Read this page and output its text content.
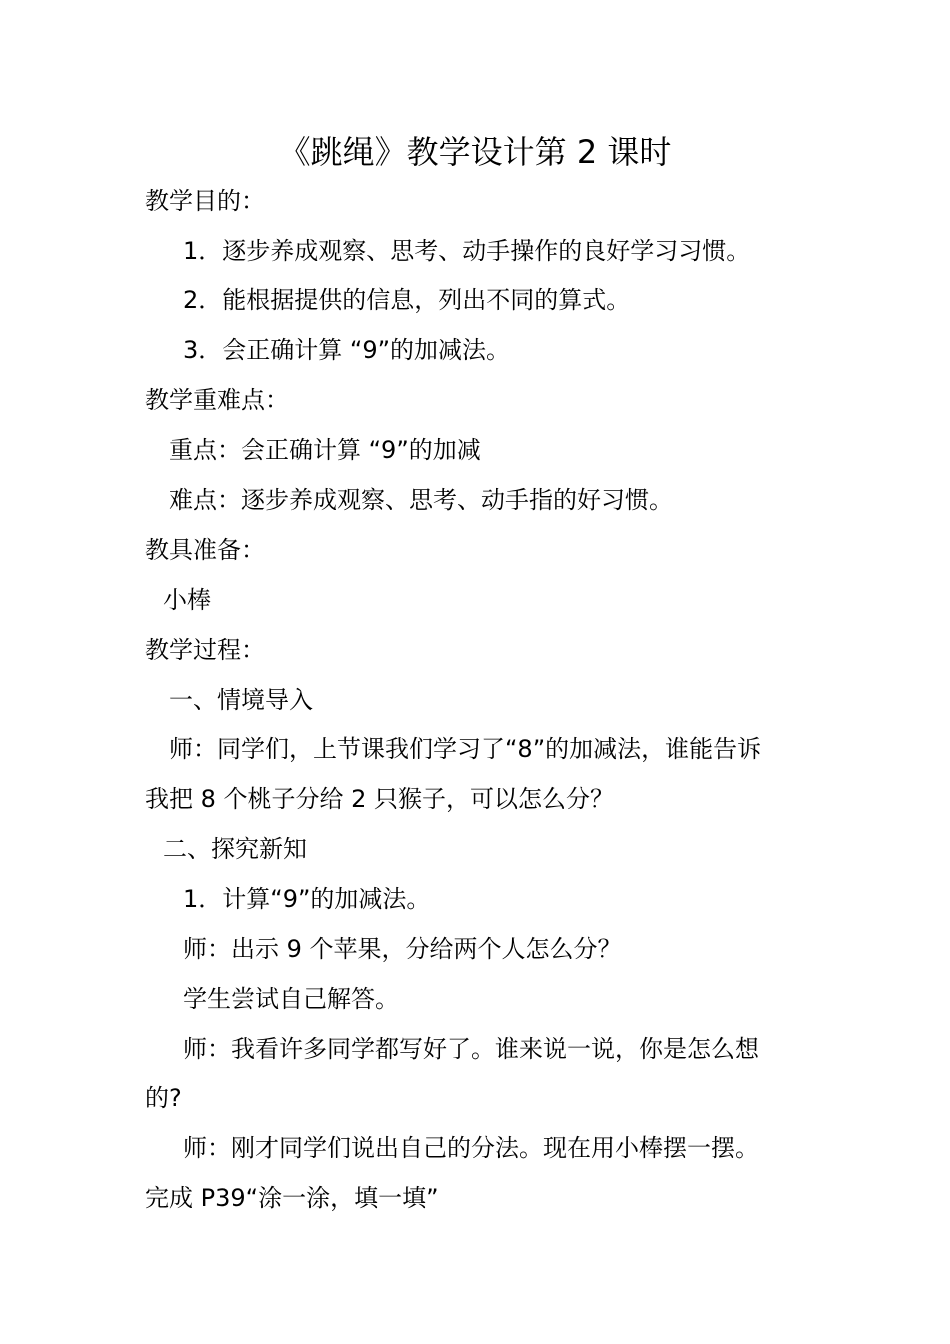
《跳绳》教学设计第 2 课时
教学目的：
1．逐步养成观察、思考、动手操作的良好学习习惯。
2．能根据提供的信息，列出不同的算式。
3．会正确计算 “9”的加减法。
教学重难点：
重点：会正确计算 “9”的加减
难点：逐步养成观察、思考、动手指的好习惯。
教具准备：
小棒
教学过程：
一、情境导入
师：同学们，上节课我们学习了“8”的加减法，谁能告诉
我把 8 个桃子分给 2 只猴子，可以怎么分？
二、探究新知
1．计算“9”的加减法。
师：出示 9 个苹果，分给两个人怎么分？
学生尝试自己解答。
师：我看许多同学都写好了。谁来说一说，你是怎么想
的?
师：刚才同学们说出自己的分法。现在用小棒摆一摆。
完成 P39“涂一涂，填一填”
